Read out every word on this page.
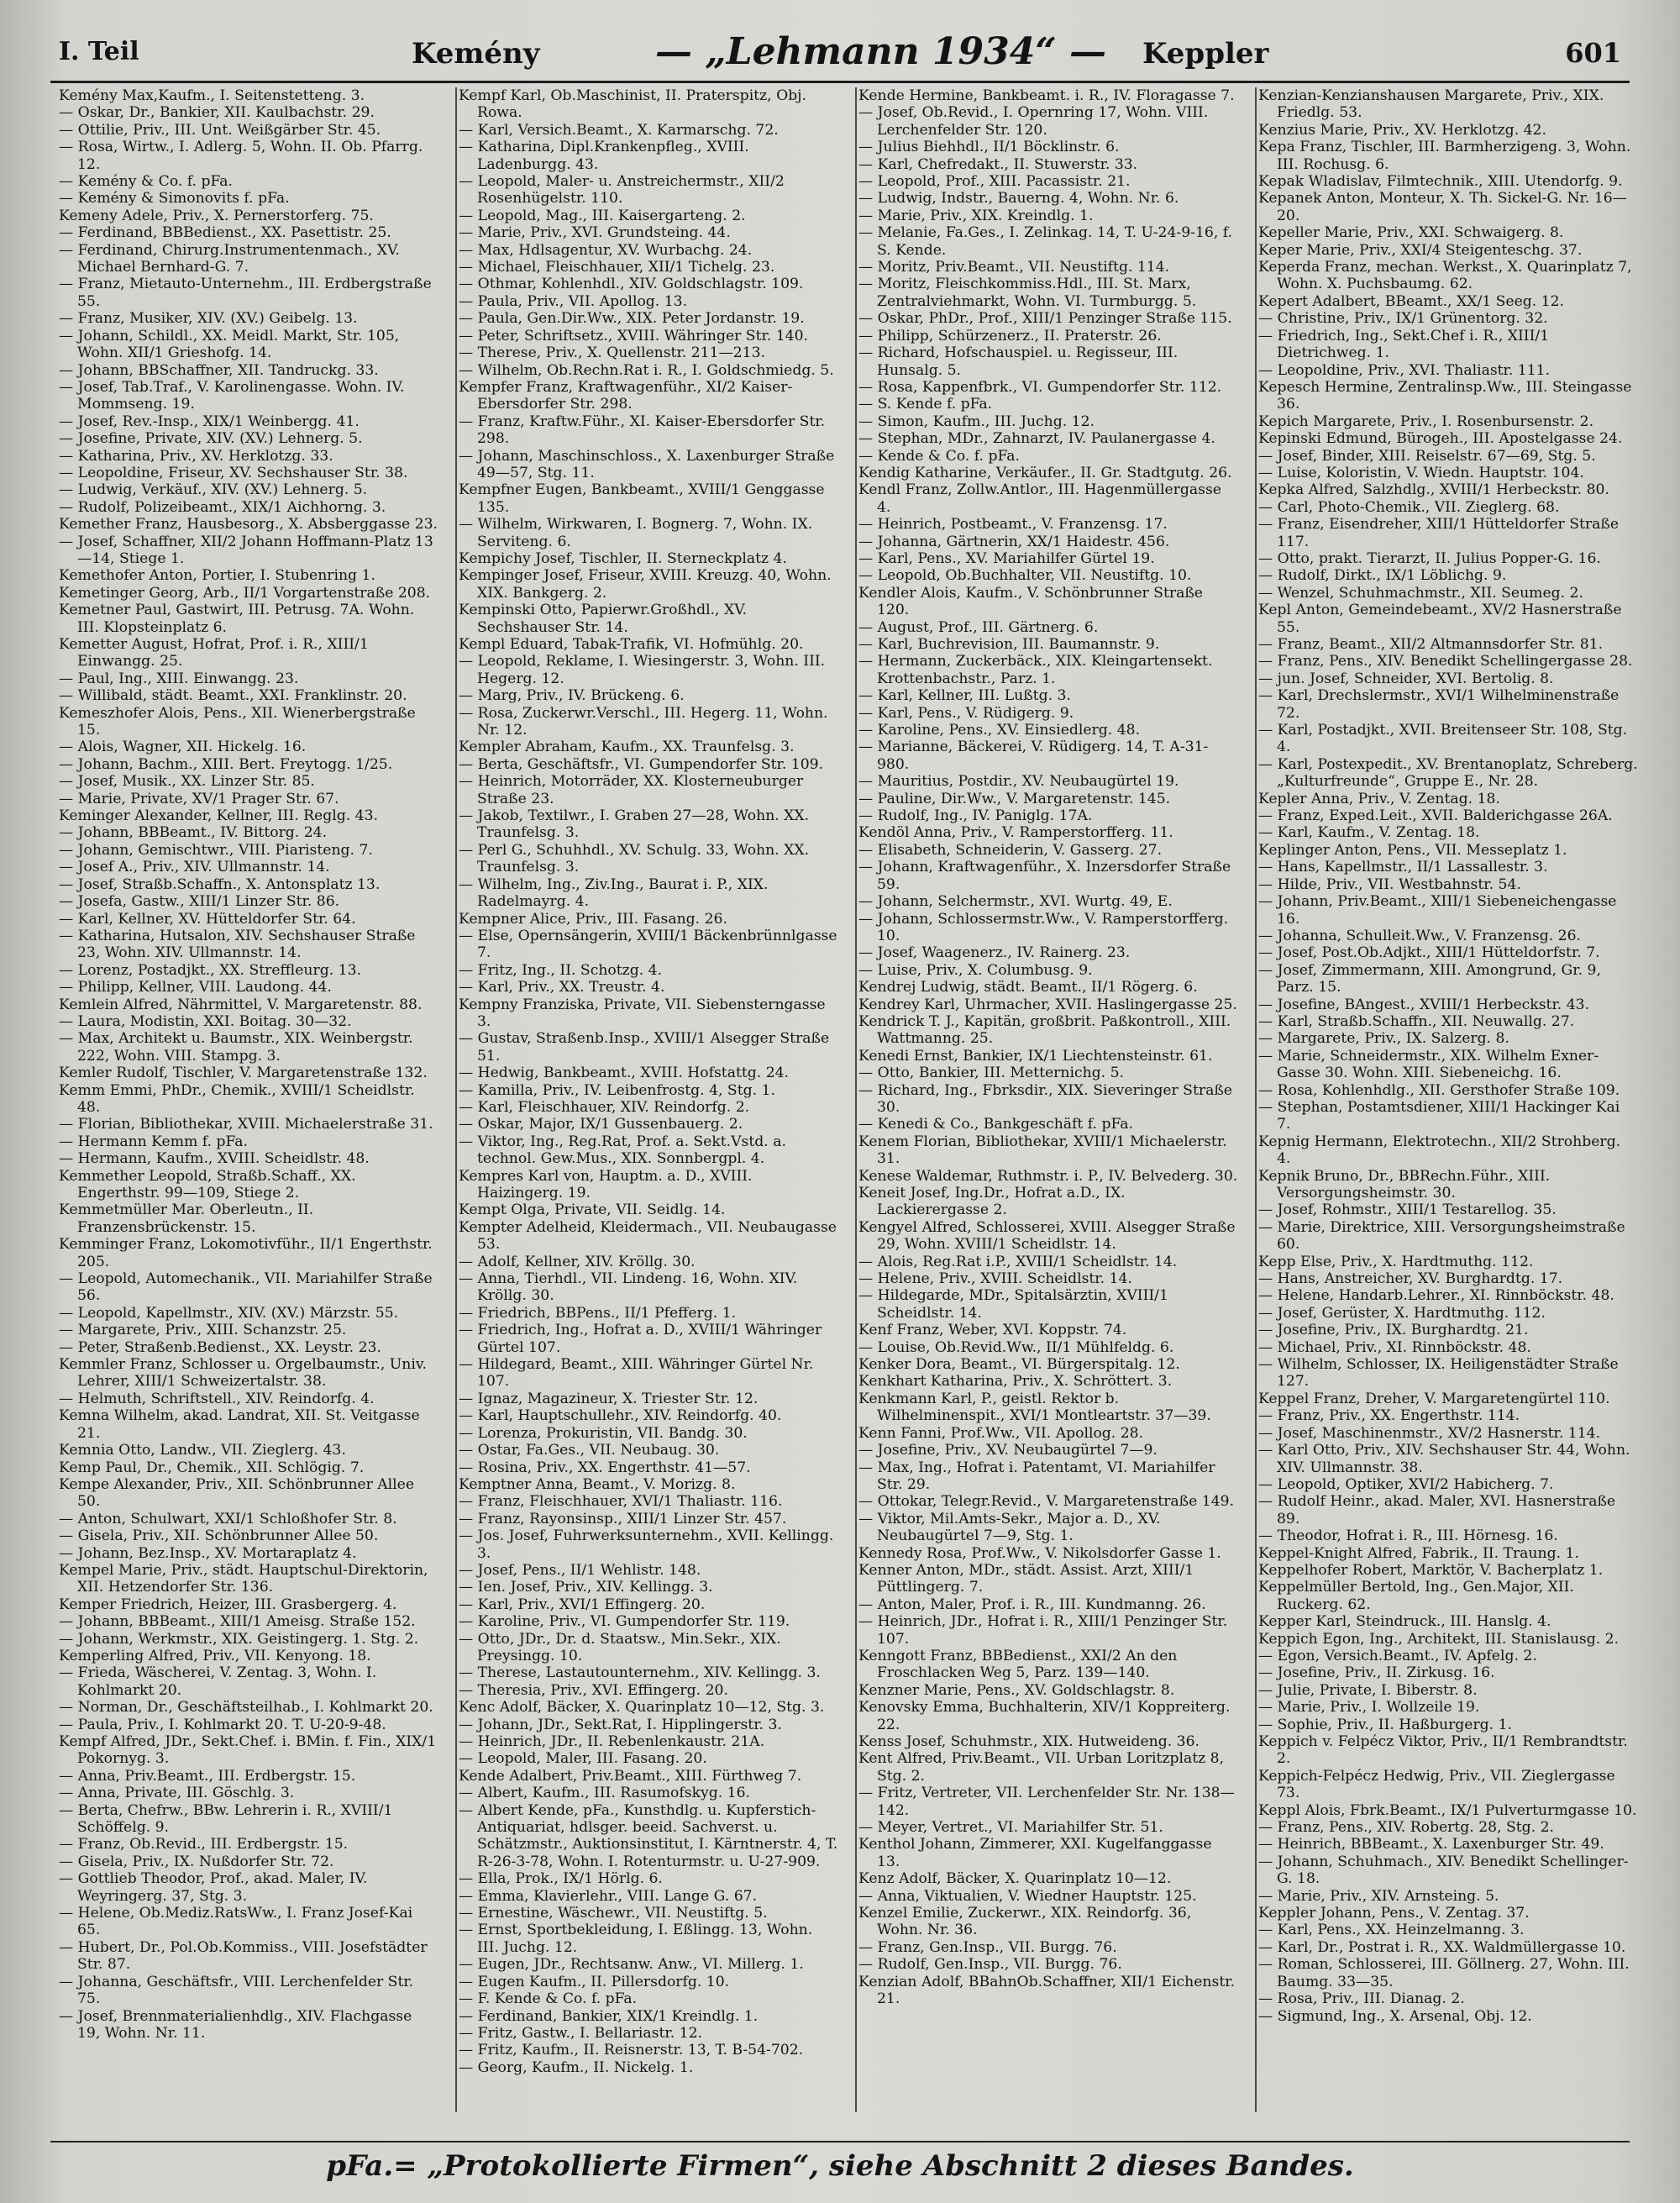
I. Teil	Kemény	— „Lehmann 1934“ — Keppler	601
Kemény Max,Kaufm., I. Seitenstetteng. 3.
— Oskar, Dr., Bankier, XII. Kaulbachstr. 29.
— Ottilie, Priv., III. Unt. Weißgärber Str. 45.
— Rosa, Wirtw., I. Adlerg. 5, Wohn. II. Ob. Pfarrg. 12.
— Kemény & Co. f. pFa.
— Kemény & Simonovits f. pFa.
Kemeny Adele, Priv., X. Pernerstorferg. 75.
— Ferdinand, BBBedienst., XX. Pasettistr. 25.
— Ferdinand, Chirurg.Instrumentenmach., XV. Michael Bernhard-G. 7.
— Franz, Mietauto-Unternehm., III. Erdbergstraße 55.
— Franz, Musiker, XIV. (XV.) Geibelg. 13.
— Johann, Schildl., XX. Meidl. Markt, Str. 105, Wohn. XII/1 Grieshofg. 14.
— Johann, BBSchaffner, XII. Tandruckg. 33.
— Josef, Tab.Traf., V. Karolinengasse. Wohn. IV. Mommseng. 19.
— Josef, Rev.-Insp., XIX/1 Weinbergg. 41.
— Josefine, Private, XIV. (XV.) Lehnerg. 5.
— Katharina, Priv., XV. Herklotzg. 33.
— Leopoldine, Friseur, XV. Sechshauser Str. 38.
— Ludwig, Verkäuf., XIV. (XV.) Lehnerg. 5.
— Rudolf, Polizeibeamt., XIX/1 Aichhorng. 3.
Kemether Franz, Hausbesorg., X. Absberggasse 23.
— Josef, Schaffner, XII/2 Johann Hoffmann-Platz 13—14, Stiege 1.
Kemethofer Anton, Portier, I. Stubenring 1.
Kemetinger Georg, Arb., II/1 Vorgartenstraße 208.
Kemetner Paul, Gastwirt, III. Petrusg. 7A. Wohn. III. Klopsteinplatz 6.
Kemetter August, Hofrat, Prof. i. R., XIII/1 Einwangg. 25.
— Paul, Ing., XIII. Einwangg. 23.
— Willibald, städt. Beamt., XXI. Franklinstr. 20.
Kemeszhofer Alois, Pens., XII. Wienerbergstraße 15.
— Alois, Wagner, XII. Hickelg. 16.
— Johann, Bachm., XIII. Bert. Freytogg. 1/25.
— Josef, Musik., XX. Linzer Str. 85.
— Marie, Private, XV/1 Prager Str. 67.
Keminger Alexander, Kellner, III. Reglg. 43.
— Johann, BBBeamt., IV. Bittorg. 24.
— Johann, Gemischtwr., VIII. Piaristeng. 7.
— Josef A., Priv., XIV. Ullmannstr. 14.
— Josef, Straßb.Schaffn., X. Antonsplatz 13.
— Josefa, Gastw., XIII/1 Linzer Str. 86.
— Karl, Kellner, XV. Hütteldorfer Str. 64.
— Katharina, Hutsalon, XIV. Sechshauser Straße 23, Wohn. XIV. Ullmannstr. 14.
— Lorenz, Postadjkt., XX. Streffleurg. 13.
— Philipp, Kellner, VIII. Laudong. 44.
Kemlein Alfred, Nährmittel, V. Margaretenstr. 88.
— Laura, Modistin, XXI. Boitag. 30—32.
— Max, Architekt u. Baumstr., XIX. Weinbergstr. 222, Wohn. VIII. Stampg. 3.
Kemler Rudolf, Tischler, V. Margaretenstraße 132.
Kemm Emmi, PhDr., Chemik., XVIII/1 Scheidlstr. 48.
— Florian, Bibliothekar, XVIII. Michaelerstraße 31.
— Hermann Kemm f. pFa.
— Hermann, Kaufm., XVIII. Scheidlstr. 48.
Kemmether Leopold, Straßb.Schaff., XX. Engerthstr. 99—109, Stiege 2.
Kemmetmüller Mar. Oberleutn., II. Franzensbrückenstr. 15.
Kemminger Franz, Lokomotivführ., II/1 Engerthstr. 205.
— Leopold, Automechanik., VII. Mariahilfer Straße 56.
— Leopold, Kapellmstr., XIV. (XV.) Märzstr. 55.
— Margarete, Priv., XIII. Schanzstr. 25.
— Peter, Straßenb.Bedienst., XX. Leystr. 23.
Kemmler Franz, Schlosser u. Orgelbaumstr., Univ. Lehrer, XIII/1 Schweizertalstr. 38.
— Helmuth, Schriftstell., XIV. Reindorfg. 4.
Kemna Wilhelm, akad. Landrat, XII. St. Veitgasse 21.
Kemnia Otto, Landw., VII. Zieglerg. 43.
Kemp Paul, Dr., Chemik., XII. Schlögig. 7.
Kempe Alexander, Priv., XII. Schönbrunner Allee 50.
— Anton, Schulwart, XXI/1 Schloßhofer Str. 8.
— Gisela, Priv., XII. Schönbrunner Allee 50.
— Johann, Bez.Insp., XV. Mortaraplatz 4.
Kempel Marie, Priv., städt. Hauptschul-Direktorin, XII. Hetzendorfer Str. 136.
Kemper Friedrich, Heizer, III. Grasbergerg. 4.
— Johann, BBBeamt., XIII/1 Ameisg. Straße 152.
— Johann, Werkmstr., XIX. Geistingerg. 1. Stg. 2.
Kemperling Alfred, Priv., VII. Kenyong. 18.
— Frieda, Wäscherei, V. Zentag. 3, Wohn. I. Kohlmarkt 20.
— Norman, Dr., Geschäftsteilhab., I. Kohlmarkt 20.
— Paula, Priv., I. Kohlmarkt 20. T. U-20-9-48.
Kempf Alfred, JDr., Sekt.Chef. i. BMin. f. Fin., XIX/1 Pokornyg. 3.
— Anna, Priv.Beamt., III. Erdbergstr. 15.
— Anna, Private, III. Göschlg. 3.
— Berta, Chefrw., BBw. Lehrerin i. R., XVIII/1 Schöffelg. 9.
— Franz, Ob.Revid., III. Erdbergstr. 15.
— Gisela, Priv., IX. Nußdorfer Str. 72.
— Gottlieb Theodor, Prof., akad. Maler, IV. Weyringerg. 37, Stg. 3.
— Helene, Ob.Mediz.RatsWw., I. Franz Josef-Kai 65.
— Hubert, Dr., Pol.Ob.Kommiss., VIII. Josefstädter Str. 87.
— Johanna, Geschäftsfr., VIII. Lerchenfelder Str. 75.
— Josef, Brennmaterialienhdlg., XIV. Flachgasse 19, Wohn. Nr. 11.
Kempf Karl, Ob.Maschinist, II. Praterspitz, Obj. Rowa.
— Karl, Versich.Beamt., X. Karmarschg. 72.
— Katharina, Dipl.Krankenpfleg., XVIII. Ladenburgg. 43.
— Leopold, Maler- u. Anstreichermstr., XII/2 Rosenhügelstr. 110.
— Leopold, Mag., III. Kaisergarteng. 2.
— Marie, Priv., XVI. Grundsteing. 44.
— Max, Hdlsagentur, XV. Wurbachg. 24.
— Michael, Fleischhauer, XII/1 Tichelg. 23.
— Othmar, Kohlenhdl., XIV. Goldschlagstr. 109.
— Paula, Priv., VII. Apollog. 13.
— Paula, Gen.Dir.Ww., XIX. Peter Jordanstr. 19.
— Peter, Schriftsetz., XVIII. Währinger Str. 140.
— Therese, Priv., X. Quellenstr. 211—213.
— Wilhelm, Ob.Rechn.Rat i. R., I. Goldschmiedg. 5.
Kempfer Franz, Kraftwagenführ., XI/2 Kaiser-Ebersdorfer Str. 298.
— Franz, Kraftw.Führ., XI. Kaiser-Ebersdorfer Str. 298.
— Johann, Maschinschloss., X. Laxenburger Straße 49—57, Stg. 11.
Kempfner Eugen, Bankbeamt., XVIII/1 Genggasse 135.
— Wilhelm, Wirkwaren, I. Bognerg. 7, Wohn. IX. Serviteng. 6.
Kempichy Josef, Tischler, II. Sterneckplatz 4.
Kempinger Josef, Friseur, XVIII. Kreuzg. 40, Wohn. XIX. Bankgerg. 2.
Kempinski Otto, Papierwr.Großhdl., XV. Sechshauser Str. 14.
Kempl Eduard, Tabak-Trafik, VI. Hofmühlg. 20.
— Leopold, Reklame, I. Wiesingerstr. 3, Wohn. III. Hegerg. 12.
— Marg, Priv., IV. Brückeng. 6.
— Rosa, Zuckerwr.Verschl., III. Hegerg. 11, Wohn. Nr. 12.
Kempler Abraham, Kaufm., XX. Traunfelsg. 3.
— Berta, Geschäftsfr., VI. Gumpendorfer Str. 109.
— Heinrich, Motorräder, XX. Klosterneuburger Straße 23.
— Jakob, Textilwr., I. Graben 27—28, Wohn. XX. Traunfelsg. 3.
— Perl G., Schuhhdl., XV. Schulg. 33, Wohn. XX. Traunfelsg. 3.
— Wilhelm, Ing., Ziv.Ing., Baurat i. P., XIX. Radelmayrg. 4.
Kempner Alice, Priv., III. Fasang. 26.
— Else, Opernsängerin, XVIII/1 Bäckenbrünnlgasse 7.
— Fritz, Ing., II. Schotzg. 4.
— Karl, Priv., XX. Treustr. 4.
Kempny Franziska, Private, VII. Siebensterngasse 3.
— Gustav, Straßenb.Insp., XVIII/1 Alsegger Straße 51.
— Hedwig, Bankbeamt., XVIII. Hofstattg. 24.
— Kamilla, Priv., IV. Leibenfrostg. 4, Stg. 1.
— Karl, Fleischhauer, XIV. Reindorfg. 2.
— Oskar, Major, IX/1 Gussenbauerg. 2.
— Viktor, Ing., Reg.Rat, Prof. a. Sekt.Vstd. a. technol. Gew.Mus., XIX. Sonnbergpl. 4.
Kempres Karl von, Hauptm. a. D., XVIII. Haizingerg. 19.
Kempt Olga, Private, VII. Seidlg. 14.
Kempter Adelheid, Kleidermach., VII. Neubaugasse 53.
— Adolf, Kellner, XIV. Kröllg. 30.
— Anna, Tierhdl., VII. Lindeng. 16, Wohn. XIV. Kröllg. 30.
— Friedrich, BBPens., II/1 Pfefferg. 1.
— Friedrich, Ing., Hofrat a. D., XVIII/1 Währinger Gürtel 107.
— Hildegard, Beamt., XIII. Währinger Gürtel Nr. 107.
— Ignaz, Magazineur, X. Triester Str. 12.
— Karl, Hauptschullehr., XIV. Reindorfg. 40.
— Lorenza, Prokuristin, VII. Bandg. 30.
— Ostar, Fa.Ges., VII. Neubaug. 30.
— Rosina, Priv., XX. Engerthstr. 41—57.
Kemptner Anna, Beamt., V. Morizg. 8.
— Franz, Fleischhauer, XVI/1 Thaliastr. 116.
— Franz, Rayonsinsp., XIII/1 Linzer Str. 457.
— Jos. Josef, Fuhrwerksunternehm., XVII. Kellingg. 3.
— Josef, Pens., II/1 Wehlistr. 148.
— Ien. Josef, Priv., XIV. Kellingg. 3.
— Karl, Priv., XVI/1 Effingerg. 20.
— Karoline, Priv., VI. Gumpendorfer Str. 119.
— Otto, JDr., Dr. d. Staatsw., Min.Sekr., XIX. Preysingg. 10.
— Therese, Lastautounternehm., XIV. Kellingg. 3.
— Theresia, Priv., XVI. Effingerg. 20.
Kenc Adolf, Bäcker, X. Quarinplatz 10—12, Stg. 3.
— Johann, JDr., Sekt.Rat, I. Hipplingerstr. 3.
— Heinrich, JDr., II. Rebenlenkaustr. 21A.
— Leopold, Maler, III. Fasang. 20.
Kende Adalbert, Priv.Beamt., XIII. Fürthweg 7.
— Albert, Kaufm., III. Rasumofskyg. 16.
— Albert Kende, pFa., Kunsthdlg. u. Kupferstich-Antiquariat, hdlsger. beeid. Sachverst. u. Schätzmstr., Auktionsinstitut, I. Kärntnerstr. 4, T. R-26-3-78, Wohn. I. Rotenturmstr. u. U-27-909.
— Ella, Prok., IX/1 Hörlg. 6.
— Emma, Klavierlehr., VIII. Lange G. 67.
— Ernestine, Wäschewr., VII. Neustiftg. 5.
— Ernst, Sportbekleidung, I. Eßlingg. 13, Wohn. III. Juchg. 12.
— Eugen, JDr., Rechtsanw. Anw., VI. Millerg. 1.
— Eugen Kaufm., II. Pillersdorfg. 10.
— F. Kende & Co. f. pFa.
— Ferdinand, Bankier, XIX/1 Kreindlg. 1.
— Fritz, Gastw., I. Bellariastr. 12.
— Fritz, Kaufm., II. Reisnerstr. 13, T. B-54-702.
— Georg, Kaufm., II. Nickelg. 1.
Kende Hermine, Bankbeamt. i. R., IV. Floragasse 7.
— Josef, Ob.Revid., I. Opernring 17, Wohn. VIII. Lerchenfelder Str. 120.
— Julius Biehhdl., II/1 Böcklinstr. 6.
— Karl, Chefredakt., II. Stuwerstr. 33.
— Leopold, Prof., XIII. Pacassistr. 21.
— Ludwig, Indstr., Bauerng. 4, Wohn. Nr. 6.
— Marie, Priv., XIX. Kreindlg. 1.
— Melanie, Fa.Ges., I. Zelinkag. 14, T. U-24-9-16, f. S. Kende.
— Moritz, Priv.Beamt., VII. Neustiftg. 114.
— Moritz, Fleischkommiss.Hdl., III. St. Marx, Zentralviehmarkt, Wohn. VI. Turmburgg. 5.
— Oskar, PhDr., Prof., XIII/1 Penzinger Straße 115.
— Philipp, Schürzenerz., II. Praterstr. 26.
— Richard, Hofschauspiel. u. Regisseur, III. Hunsalg. 5.
— Rosa, Kappenfbrk., VI. Gumpendorfer Str. 112.
— S. Kende f. pFa.
— Simon, Kaufm., III. Juchg. 12.
— Stephan, MDr., Zahnarzt, IV. Paulanergasse 4.
— Kende & Co. f. pFa.
Kendig Katharine, Verkäufer., II. Gr. Stadtgutg. 26.
Kendl Franz, Zollw.Antlor., III. Hagenmüllergasse 4.
— Heinrich, Postbeamt., V. Franzensg. 17.
— Johanna, Gärtnerin, XX/1 Haidestr. 456.
— Karl, Pens., XV. Mariahilfer Gürtel 19.
— Leopold, Ob.Buchhalter, VII. Neustiftg. 10.
Kendler Alois, Kaufm., V. Schönbrunner Straße 120.
— August, Prof., III. Gärtnerg. 6.
— Karl, Buchrevision, III. Baumannstr. 9.
— Hermann, Zuckerbäck., XIX. Kleingartensekt. Krottenbachstr., Parz. 1.
— Karl, Kellner, III. Lußtg. 3.
— Karl, Pens., V. Rüdigerg. 9.
— Karoline, Pens., XV. Einsiedlerg. 48.
— Marianne, Bäckerei, V. Rüdigerg. 14, T. A-31-980.
— Mauritius, Postdir., XV. Neubaugürtel 19.
— Pauline, Dir.Ww., V. Margaretenstr. 145.
— Rudolf, Ing., IV. Paniglg. 17A.
Kendöl Anna, Priv., V. Ramperstorfferg. 11.
— Elisabeth, Schneiderin, V. Gasserg. 27.
— Johann, Kraftwagenführ., X. Inzersdorfer Straße 59.
— Johann, Selchermstr., XVI. Wurtg. 49, E.
— Johann, Schlossermstr.Ww., V. Ramperstorfferg. 10.
— Josef, Waagenerz., IV. Rainerg. 23.
— Luise, Priv., X. Columbusg. 9.
Kendrej Ludwig, städt. Beamt., II/1 Rögerg. 6.
Kendrey Karl, Uhrmacher, XVII. Haslingergasse 25.
Kendrick T. J., Kapitän, großbrit. Paßkontroll., XIII. Wattmanng. 25.
Kenedi Ernst, Bankier, IX/1 Liechtensteinstr. 61.
— Otto, Bankier, III. Metternichg. 5.
— Richard, Ing., Fbrksdir., XIX. Sieveringer Straße 30.
— Kenedi & Co., Bankgeschäft f. pFa.
Kenem Florian, Bibliothekar, XVIII/1 Michaelerstr. 31.
Kenese Waldemar, Ruthmstr. i. P., IV. Belvederg. 30.
Keneit Josef, Ing.Dr., Hofrat a.D., IX. Lackierergasse 2.
Kengyel Alfred, Schlosserei, XVIII. Alsegger Straße 29, Wohn. XVIII/1 Scheidlstr. 14.
— Alois, Reg.Rat i.P., XVIII/1 Scheidlstr. 14.
— Helene, Priv., XVIII. Scheidlstr. 14.
— Hildegarde, MDr., Spitalsärztin, XVIII/1 Scheidlstr. 14.
Kenf Franz, Weber, XVI. Koppstr. 74.
— Louise, Ob.Revid.Ww., II/1 Mühlfeldg. 6.
Kenker Dora, Beamt., VI. Bürgerspitalg. 12.
Kenkhart Katharina, Priv., X. Schröttert. 3.
Kenkmann Karl, P., geistl. Rektor b. Wilhelminenspit., XVI/1 Montleartstr. 37—39.
Kenn Fanni, Prof.Ww., VII. Apollog. 28.
— Josefine, Priv., XV. Neubaugürtel 7—9.
— Max, Ing., Hofrat i. Patentamt, VI. Mariahilfer Str. 29.
— Ottokar, Telegr.Revid., V. Margaretenstraße 149.
— Viktor, Mil.Amts-Sekr., Major a. D., XV. Neubaugürtel 7—9, Stg. 1.
Kennedy Rosa, Prof.Ww., V. Nikolsdorfer Gasse 1.
Kenner Anton, MDr., städt. Assist. Arzt, XIII/1 Püttlingerg. 7.
— Anton, Maler, Prof. i. R., III. Kundmanng. 26.
— Heinrich, JDr., Hofrat i. R., XIII/1 Penzinger Str. 107.
Kenngott Franz, BBBedienst., XXI/2 An den Froschlacken Weg 5, Parz. 139—140.
Kenzner Marie, Pens., XV. Goldschlagstr. 8.
Kenovsky Emma, Buchhalterin, XIV/1 Koppreiterg. 22.
Kenss Josef, Schuhmstr., XIX. Hutweideng. 36.
Kent Alfred, Priv.Beamt., VII. Urban Loritzplatz 8, Stg. 2.
— Fritz, Vertreter, VII. Lerchenfelder Str. Nr. 138—142.
— Meyer, Vertret., VI. Mariahilfer Str. 51.
Kenthol Johann, Zimmerer, XXI. Kugelfanggasse 13.
Kenz Adolf, Bäcker, X. Quarinplatz 10—12.
— Anna, Viktualien, V. Wiedner Hauptstr. 125.
Kenzel Emilie, Zuckerwr., XIX. Reindorfg. 36, Wohn. Nr. 36.
— Franz, Gen.Insp., VII. Burgg. 76.
— Rudolf, Gen.Insp., VII. Burgg. 76.
Kenzian Adolf, BBahnOb.Schaffner, XII/1 Eichenstr. 21.
Kenzian-Kenzianshausen Margarete, Priv., XIX. Friedlg. 53.
Kenzius Marie, Priv., XV. Herklotzg. 42.
Kepa Franz, Tischler, III. Barmherzigeng. 3, Wohn. III. Rochusg. 6.
Kepak Wladislav, Filmtechnik., XIII. Utendorfg. 9.
Kepanek Anton, Monteur, X. Th. Sickel-G. Nr. 16—20.
Kepeller Marie, Priv., XXI. Schwaigerg. 8.
Keper Marie, Priv., XXI/4 Steigenteschg. 37.
Keperda Franz, mechan. Werkst., X. Quarinplatz 7, Wohn. X. Puchsbaumg. 62.
Kepert Adalbert, BBeamt., XX/1 Seeg. 12.
— Christine, Priv., IX/1 Grünentorg. 32.
— Friedrich, Ing., Sekt.Chef i. R., XIII/1 Dietrichweg. 1.
— Leopoldine, Priv., XVI. Thaliastr. 111.
Kepesch Hermine, Zentralinsp.Ww., III. Steingasse 36.
Kepich Margarete, Priv., I. Rosenbursenstr. 2.
Kepinski Edmund, Bürogeh., III. Apostelgasse 24.
— Josef, Binder, XIII. Reiselstr. 67—69, Stg. 5.
— Luise, Koloristin, V. Wiedn. Hauptstr. 104.
Kepka Alfred, Salzhdlg., XVIII/1 Herbeckstr. 80.
— Carl, Photo-Chemik., VII. Zieglerg. 68.
— Franz, Eisendreher, XIII/1 Hütteldorfer Straße 117.
— Otto, prakt. Tierarzt, II. Julius Popper-G. 16.
— Rudolf, Dirkt., IX/1 Löblichg. 9.
— Wenzel, Schuhmachmstr., XII. Seumeg. 2.
Kepl Anton, Gemeindebeamt., XV/2 Hasnerstraße 55.
— Franz, Beamt., XII/2 Altmannsdorfer Str. 81.
— Franz, Pens., XIV. Benedikt Schellingergasse 28.
— jun. Josef, Schneider, XVI. Bertolig. 8.
— Karl, Drechslermstr., XVI/1 Wilhelminenstraße 72.
— Karl, Postadjkt., XVII. Breitenseer Str. 108, Stg. 4.
— Karl, Postexpedit., XV. Brentanoplatz, Schreberg. „Kulturfreunde“, Gruppe E., Nr. 28.
Kepler Anna, Priv., V. Zentag. 18.
— Franz, Exped.Leit., XVII. Balderichgasse 26A.
— Karl, Kaufm., V. Zentag. 18.
Keplinger Anton, Pens., VII. Messeplatz 1.
— Hans, Kapellmstr., II/1 Lassallestr. 3.
— Hilde, Priv., VII. Westbahnstr. 54.
— Johann, Priv.Beamt., XIII/1 Siebeneichengasse 16.
— Johanna, Schulleit.Ww., V. Franzensg. 26.
— Josef, Post.Ob.Adjkt., XIII/1 Hütteldorfstr. 7.
— Josef, Zimmermann, XIII. Amongrund, Gr. 9, Parz. 15.
— Josefine, BAngest., XVIII/1 Herbeckstr. 43.
— Karl, Straßb.Schaffn., XII. Neuwallg. 27.
— Margarete, Priv., IX. Salzerg. 8.
— Marie, Schneidermstr., XIX. Wilhelm Exner-Gasse 30. Wohn. XIII. Siebeneichg. 16.
— Rosa, Kohlenhdlg., XII. Gersthofer Straße 109.
— Stephan, Postamtsdiener, XIII/1 Hackinger Kai 7.
Kepnig Hermann, Elektrotechn., XII/2 Strohberg. 4.
Kepnik Bruno, Dr., BBRechn.Führ., XIII. Versorgungsheimstr. 30.
— Josef, Rohmstr., XIII/1 Testarellog. 35.
— Marie, Direktrice, XIII. Versorgungsheimstraße 60.
Kepp Else, Priv., X. Hardtmuthg. 112.
— Hans, Anstreicher, XV. Burghardtg. 17.
— Helene, Handarb.Lehrer., XI. Rinnböckstr. 48.
— Josef, Gerüster, X. Hardtmuthg. 112.
— Josefine, Priv., IX. Burghardtg. 21.
— Michael, Priv., XI. Rinnböckstr. 48.
— Wilhelm, Schlosser, IX. Heiligenstädter Straße 127.
Keppel Franz, Dreher, V. Margaretengürtel 110.
— Franz, Priv., XX. Engerthstr. 114.
— Josef, Maschinenmstr., XV/2 Hasnerstr. 114.
— Karl Otto, Priv., XIV. Sechshauser Str. 44, Wohn. XIV. Ullmannstr. 38.
— Leopold, Optiker, XVI/2 Habicherg. 7.
— Rudolf Heinr., akad. Maler, XVI. Hasnerstraße 89.
— Theodor, Hofrat i. R., III. Hörnesg. 16.
Keppel-Knight Alfred, Fabrik., II. Traung. 1.
Keppelhofer Robert, Marktör, V. Bacherplatz 1.
Keppelmüller Bertold, Ing., Gen.Major, XII. Ruckerg. 62.
Kepper Karl, Steindruck., III. Hanslg. 4.
Keppich Egon, Ing., Architekt, III. Stanislausg. 2.
— Egon, Versich.Beamt., IV. Apfelg. 2.
— Josefine, Priv., II. Zirkusg. 16.
— Julie, Private, I. Biberstr. 8.
— Marie, Priv., I. Wollzeile 19.
— Sophie, Priv., II. Haßburgerg. 1.
Keppich v. Felpécz Viktor, Priv., II/1 Rembrandtstr. 2.
Keppich-Felpécz Hedwig, Priv., VII. Zieglergasse 73.
Keppl Alois, Fbrk.Beamt., IX/1 Pulverturmgasse 10.
— Franz, Pens., XIV. Robertg. 28, Stg. 2.
— Heinrich, BBBeamt., X. Laxenburger Str. 49.
— Johann, Schuhmach., XIV. Benedikt Schellinger-G. 18.
— Marie, Priv., XIV. Arnsteing. 5.
Keppler Johann, Pens., V. Zentag. 37.
— Karl, Pens., XX. Heinzelmanng. 3.
— Karl, Dr., Postrat i. R., XX. Waldmüllergasse 10.
— Roman, Schlosserei, III. Göllnerg. 27, Wohn. III. Baumg. 33—35.
— Rosa, Priv., III. Dianag. 2.
— Sigmund, Ing., X. Arsenal, Obj. 12.
pFa.= „Protokollierte Firmen“, siehe Abschnitt 2 dieses Bandes.
